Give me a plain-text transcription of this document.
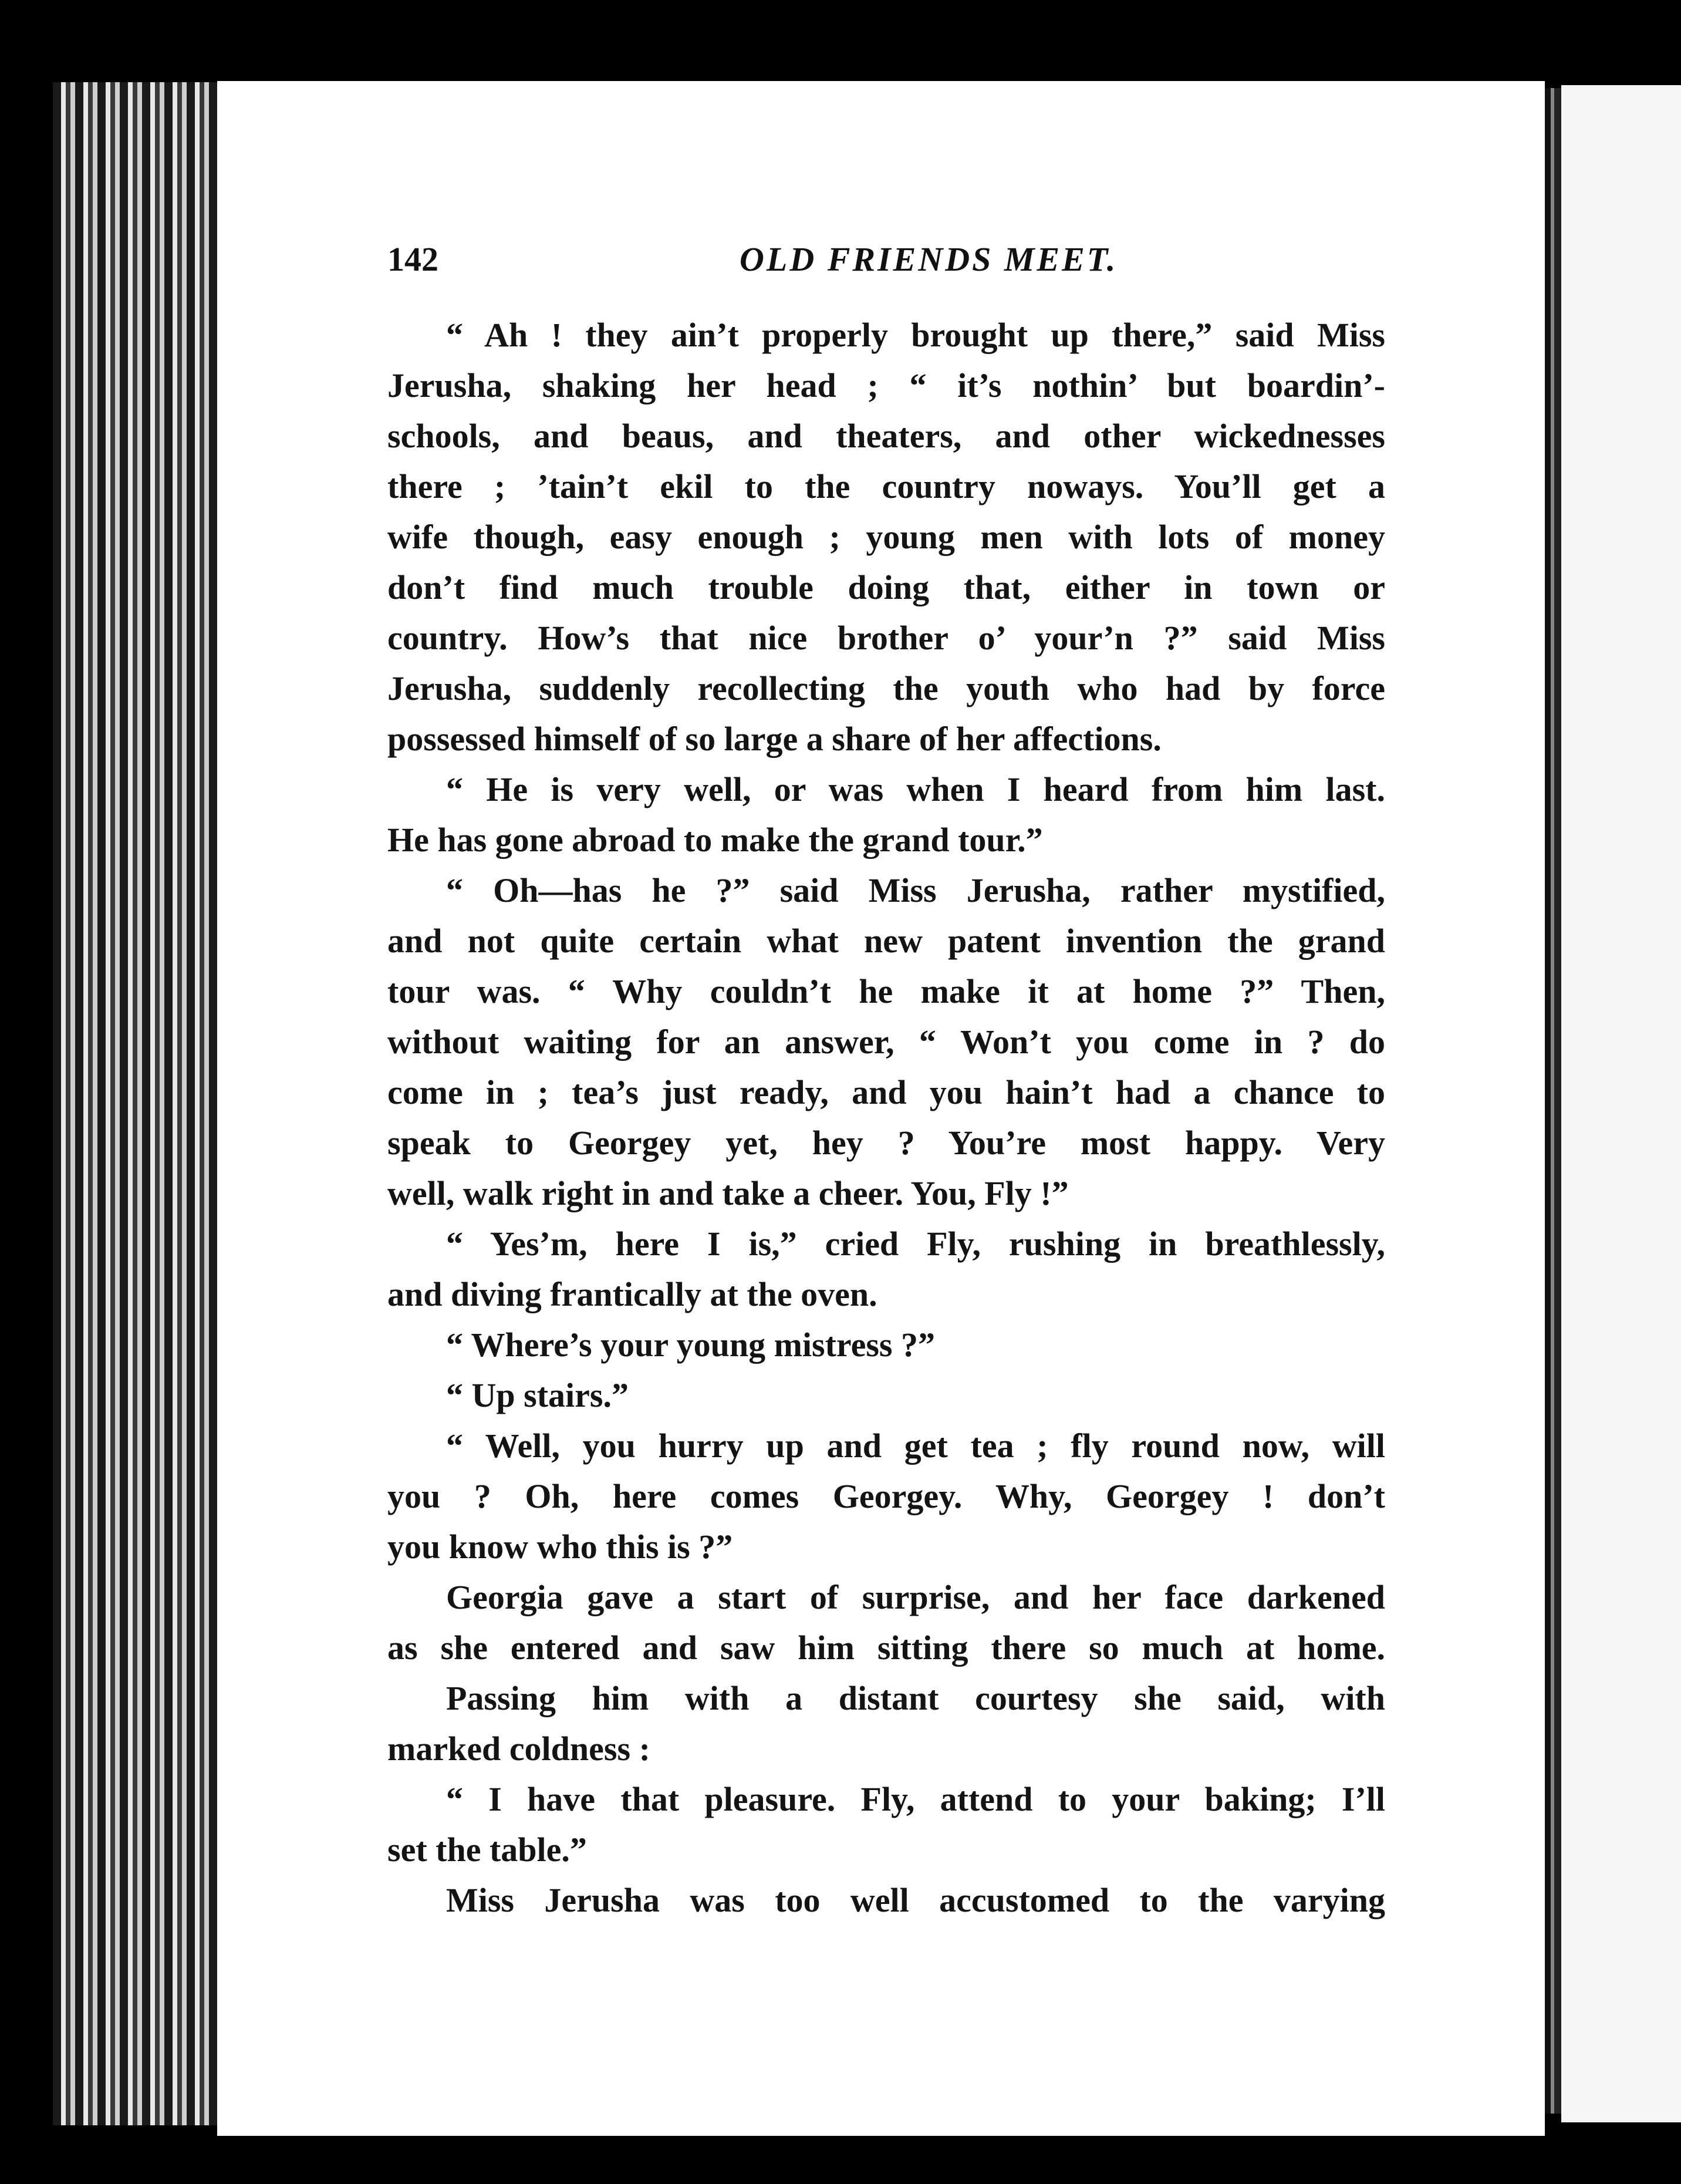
142	OLD FRIENDS MEET.
“ Ah ! they ain’t properly brought up there,” said Miss
Jerusha, shaking her head ; “ it’s nothin’ but boardin’-
schools, and beaus, and theaters, and other wickednesses
there ; ’tain’t ekil to the country noways. You’ll get a
wife though, easy enough ; young men with lots of money
don’t find much trouble doing that, either in town or
country. How’s that nice brother o’ your’n ?” said Miss
Jerusha, suddenly recollecting the youth who had by force
possessed himself of so large a share of her affections.
“ He is very well, or was when I heard from him last.
He has gone abroad to make the grand tour.”
“ Oh—has he ?” said Miss Jerusha, rather mystified,
and not quite certain what new patent invention the grand
tour was. “ Why couldn’t he make it at home ?” Then,
without waiting for an answer, “ Won’t you come in ? do
come in ; tea’s just ready, and you hain’t had a chance to
speak to Georgey yet, hey ? You’re most happy. Very
well, walk right in and take a cheer. You, Fly !”
“ Yes’m, here I is,” cried Fly, rushing in breathlessly,
and diving frantically at the oven.
“ Where’s your young mistress ?”
“ Up stairs.”
“ Well, you hurry up and get tea ; fly round now, will
you ? Oh, here comes Georgey. Why, Georgey ! don’t
you know who this is ?”
Georgia gave a start of surprise, and her face darkened
as she entered and saw him sitting there so much at home.
Passing him with a distant courtesy she said, with
marked coldness :
“ I have that pleasure. Fly, attend to your baking; I’ll
set the table.”
Miss Jerusha was too well accustomed to the varying
